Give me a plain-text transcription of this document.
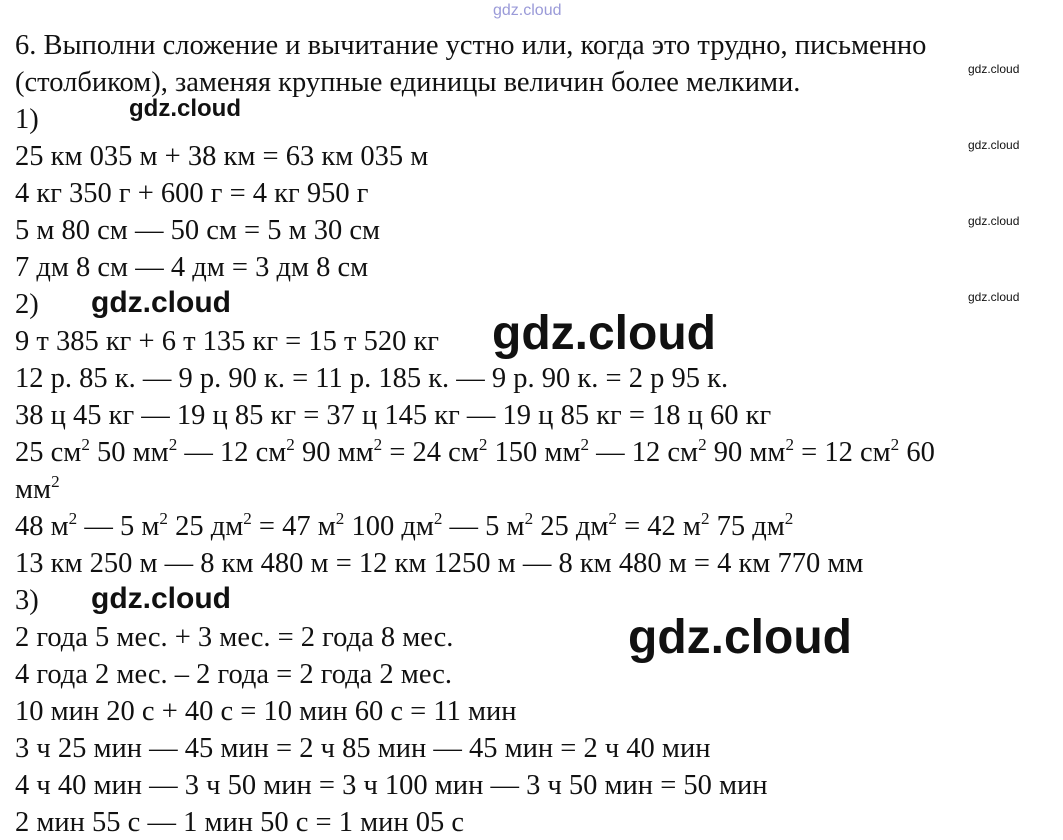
gdz.cloud
gdz.cloud
gdz.cloud
gdz.cloud
gdz.cloud
6. Выполни сложение и вычитание устно или, когда это трудно, письменно
(столбиком), заменяя крупные единицы величин более мелкими.
1)
25 км 035 м + 38 км = 63 км 035 м
4 кг 350 г + 600 г = 4 кг 950 г
5 м 80 см — 50 см = 5 м 30 см
7 дм 8 см — 4 дм = 3 дм 8 см
2)
9 т 385 кг + 6 т 135 кг = 15 т 520 кг
12 р. 85 к. — 9 р. 90 к. = 11 р. 185 к. — 9 р. 90 к. = 2 р 95 к.
38 ц 45 кг — 19 ц 85 кг = 37 ц 145 кг — 19 ц 85 кг = 18 ц 60 кг
25 $см^2$ 50 $мм^2$ — 12 $см^2$ 90 $мм^2 = 24$ $см^2$ 150 $мм^2$ — 12 $см^2$ 90 $мм^2 = 12$ $см^2$ 60
$мм^2$
48 $м^2$ — 5 $м^2$ 25 $дм^2 = 47$ $м^2$ 100 $дм^2$ — 5 $м^2$ 25 $дм^2 = 42$ $м^2$ 75 $дм^2$
13 км 250 м — 8 км 480 м = 12 км 1250 м — 8 км 480 м = 4 км 770 мм
3)
2 года 5 мес. + 3 мес. = 2 года 8 мес.
4 года 2 мес. – 2 года = 2 года 2 мес.
10 мин 20 с + 40 с = 10 мин 60 с = 11 мин
3 ч 25 мин — 45 мин = 2 ч 85 мин — 45 мин = 2 ч 40 мин
4 ч 40 мин — 3 ч 50 мин = 3 ч 100 мин — 3 ч 50 мин = 50 мин
2 мин 55 с — 1 мин 50 с = 1 мин 05 с
gdz.cloud
gdz.cloud
gdz.cloud
gdz.cloud
gdz.cloud
